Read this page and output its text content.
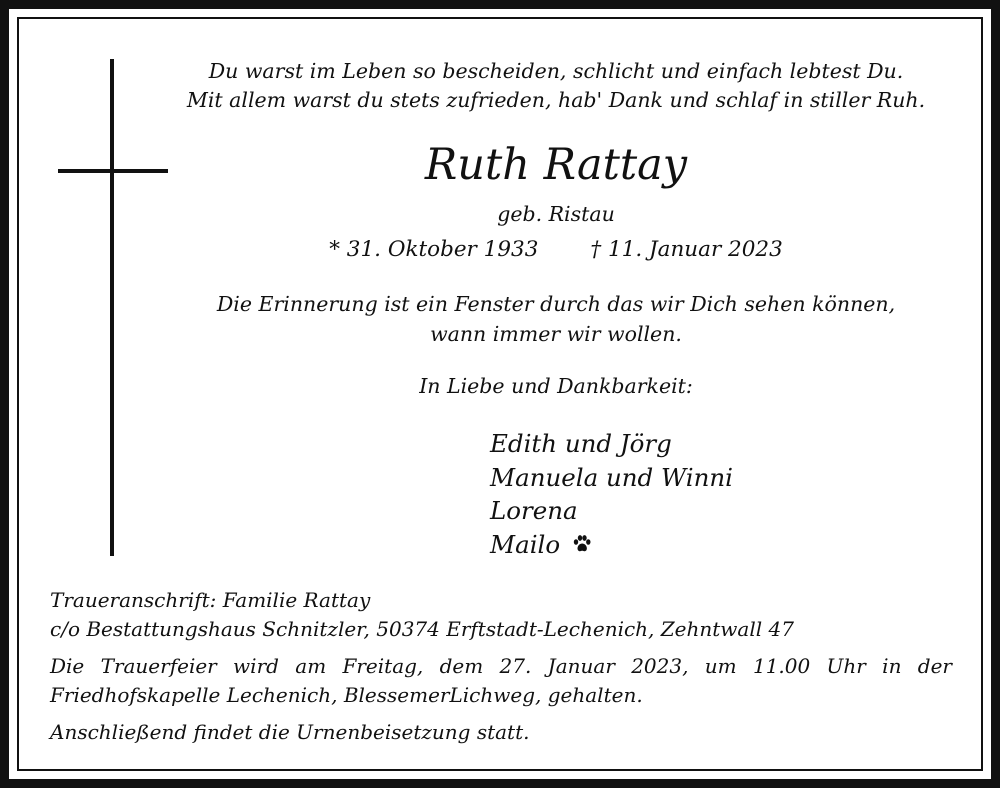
Du warst im Leben so bescheiden, schlicht und einfach lebtest Du.
Mit allem warst du stets zufrieden, hab' Dank und schlaf in stiller Ruh.
Ruth Rattay
geb. Ristau
* 31. Oktober 1933 † 11. Januar 2023
Die Erinnerung ist ein Fenster durch das wir Dich sehen können,
wann immer wir wollen.
In Liebe und Dankbarkeit:
Edith und Jörg
Manuela und Winni
Lorena
Mailo
Traueranschrift: Familie Rattay
c/o Bestattungshaus Schnitzler, 50374 Erftstadt-Lechenich, Zehntwall 47
Die Trauerfeier wird am Freitag, dem 27. Januar 2023, um 11.00 Uhr in der
Friedhofskapelle Lechenich, BlessemerLichweg, gehalten.
Anschließend findet die Urnenbeisetzung statt.
